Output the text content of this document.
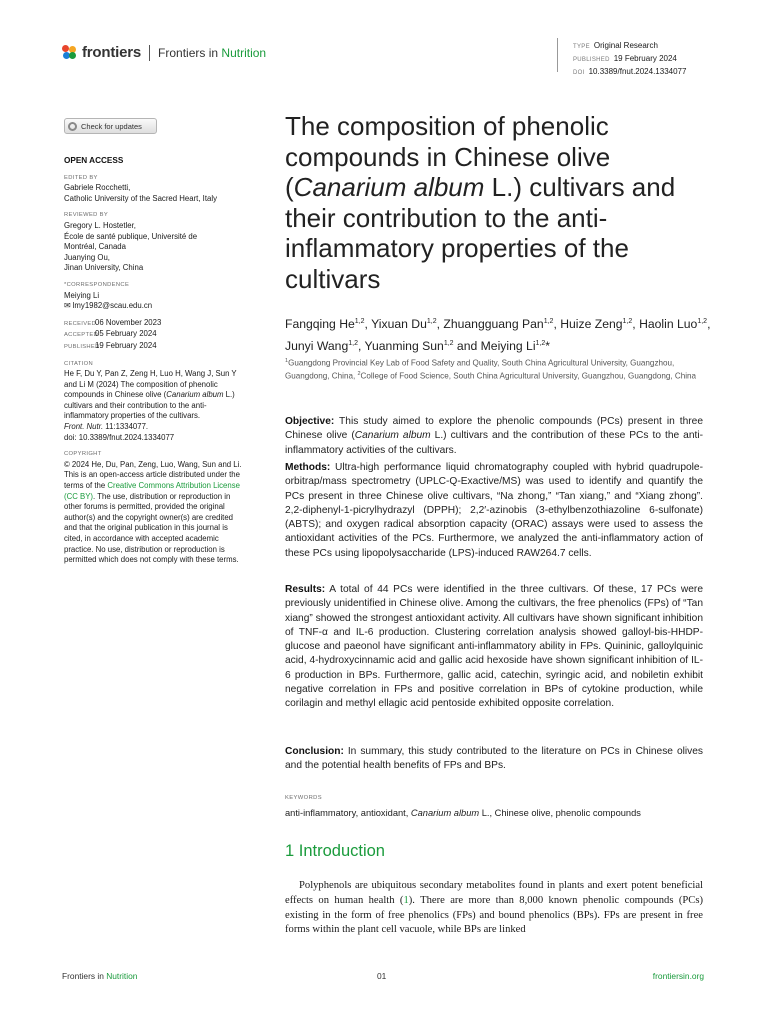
frontiers Frontiers in Nutrition	TYPE Original Research
PUBLISHED 19 February 2024
DOI 10.3389/fnut.2024.1334077
Check for updates

OPEN ACCESS

EDITED BY

Gabriele Rocchetti,

Catholic University of the Sacred Heart, Italy

REVIEWED BY

Gregory L. Hostetler,

École de santé publique, Université de

Montréal, Canada

Juanying Ou,

Jinan University, China

*CORRESPONDENCE

Meiying Li

✉ lmy1982@scau.edu.cn

RECEIVED06 November 2023

ACCEPTED05 February 2024

PUBLISHED19 February 2024

CITATION

He F, Du Y, Pan Z, Zeng H, Luo H, Wang J, Sun Y and Li M (2024) The composition of phenolic compounds in Chinese olive (Canarium album L.) cultivars and their contribution to the anti-inflammatory properties of the cultivars.
Front. Nutr. 11:1334077.
doi: 10.3389/fnut.2024.1334077

COPYRIGHT

© 2024 He, Du, Pan, Zeng, Luo, Wang, Sun and Li. This is an open-access article distributed under the terms of the Creative Commons Attribution License (CC BY). The use, distribution or reproduction in other forums is permitted, provided the original author(s) and the copyright owner(s) are credited and that the original publication in this journal is cited, in accordance with accepted academic practice. No use, distribution or reproduction is permitted which does not comply with these terms.

The composition of phenolic compounds in Chinese olive (Canarium album L.) cultivars and their contribution to the anti-inflammatory properties of the cultivars
Fangqing He$^{1,2}$, Yixuan Du$^{1,2}$, Zhuangguang Pan$^{1,2}$, Huize Zeng$^{1,2}$, Haolin Luo$^{1,2}$, Junyi Wang$^{1,2}$, Yuanming Sun$^{1,2}$ and Meiying Li$^{1,2}$*
$^1$Guangdong Provincial Key Lab of Food Safety and Quality, South China Agricultural University, Guangzhou, Guangdong, China, $^2$College of Food Science, South China Agricultural University, Guangzhou, Guangdong, China
Objective: This study aimed to explore the phenolic compounds (PCs) present in three Chinese olive (Canarium album L.) cultivars and the contribution of these PCs to the anti-inflammatory activities of the cultivars.
Methods: Ultra-high performance liquid chromatography coupled with hybrid quadrupole-orbitrap/mass spectrometry (UPLC-Q-Exactive/MS) was used to identify and quantify the PCs present in three Chinese olive cultivars, “Na zhong,” “Tan xiang,” and “Xiang zhong”. 2,2-diphenyl-1-picrylhydrazyl (DPPH); 2,2′-azinobis (3-ethylbenzothiazoline 6-sulfonate) (ABTS); and oxygen radical absorption capacity (ORAC) assays were used to assess the antioxidant activities of the PCs. Furthermore, we analyzed the anti-inflammatory action of these PCs using lipopolysaccharide (LPS)-induced RAW264.7 cells.
Results: A total of 44 PCs were identified in the three cultivars. Of these, 17 PCs were previously unidentified in Chinese olive. Among the cultivars, the free phenolics (FPs) of “Tan xiang” showed the strongest antioxidant activity. All cultivars have shown significant inhibition of TNF-α and IL-6 production. Clustering correlation analysis showed galloyl-bis-HHDP-glucose and paeonol have significant anti-inflammatory ability in FPs. Quininic, galloylquinic acid, 4-hydroxycinnamic acid and gallic acid hexoside have shown significant inhibition of IL-6 production in BPs. Furthermore, gallic acid, catechin, syringic acid, and nobiletin exhibit negative correlation in FPs and positive correlation in BPs of cytokine production, while corilagin and methyl ellagic acid pentoside exhibited opposite correlation.
Conclusion: In summary, this study contributed to the literature on PCs in Chinese olives and the potential health benefits of FPs and BPs.
KEYWORDS
anti-inflammatory, antioxidant, Canarium album L., Chinese olive, phenolic compounds
1 Introduction
Polyphenols are ubiquitous secondary metabolites found in plants and exert potent beneficial effects on human health (1). There are more than 8,000 known phenolic compounds (PCs) existing in the form of free phenolics (FPs) and bound phenolics (BPs). FPs are present in free forms within the plant cell vacuole, while BPs are linked
Frontiers in Nutrition	01	frontiersin.org
